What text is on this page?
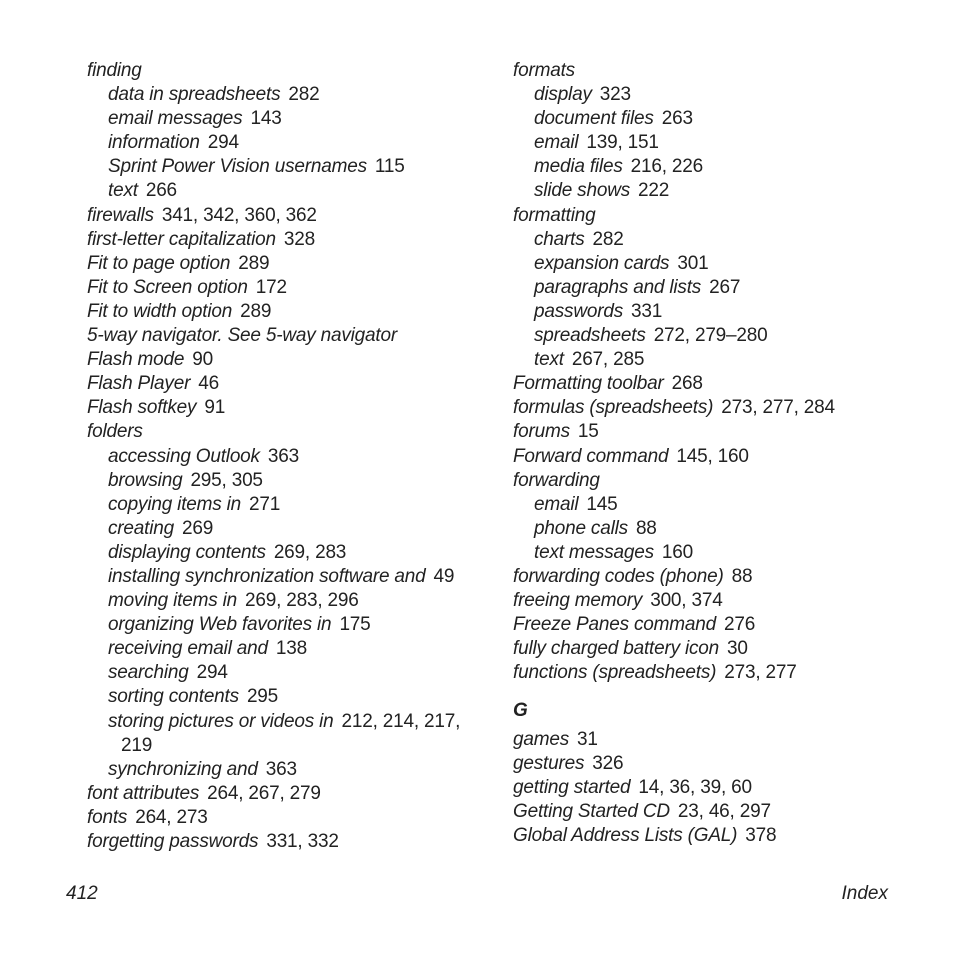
finding
data in spreadsheets 282
email messages 143
information 294
Sprint Power Vision usernames 115
text 266
firewalls 341, 342, 360, 362
first-letter capitalization 328
Fit to page option 289
Fit to Screen option 172
Fit to width option 289
5-way navigator. See 5-way navigator
Flash mode 90
Flash Player 46
Flash softkey 91
folders
accessing Outlook 363
browsing 295, 305
copying items in 271
creating 269
displaying contents 269, 283
installing synchronization software and 49
moving items in 269, 283, 296
organizing Web favorites in 175
receiving email and 138
searching 294
sorting contents 295
storing pictures or videos in 212, 214, 217, 219
synchronizing and 363
font attributes 264, 267, 279
fonts 264, 273
forgetting passwords 331, 332
formats
display 323
document files 263
email 139, 151
media files 216, 226
slide shows 222
formatting
charts 282
expansion cards 301
paragraphs and lists 267
passwords 331
spreadsheets 272, 279–280
text 267, 285
Formatting toolbar 268
formulas (spreadsheets) 273, 277, 284
forums 15
Forward command 145, 160
forwarding
email 145
phone calls 88
text messages 160
forwarding codes (phone) 88
freeing memory 300, 374
Freeze Panes command 276
fully charged battery icon 30
functions (spreadsheets) 273, 277
G
games 31
gestures 326
getting started 14, 36, 39, 60
Getting Started CD 23, 46, 297
Global Address Lists (GAL) 378
412	Index
